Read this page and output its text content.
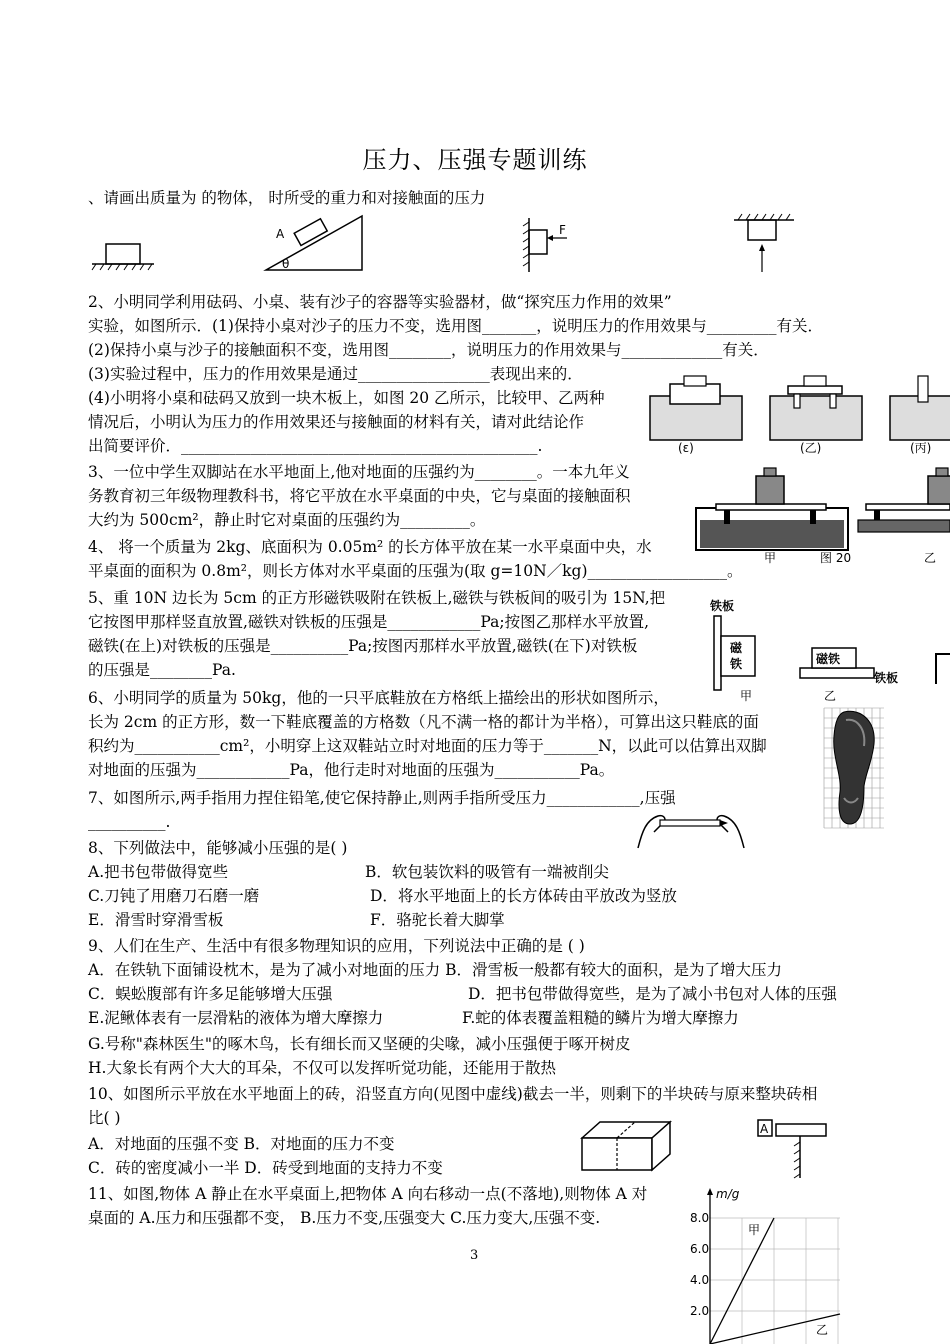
压力、压强专题训练
、请画出质量为 的物体， 时所受的重力和对接触面的压力
2、小明同学利用砝码、小桌、装有沙子的容器等实验器材，做“探究压力作用的效果”
实验，如图所示．(1)保持小桌对沙子的压力不变，选用图_______，说明压力的作用效果与_________有关．
(2)保持小桌与沙子的接触面积不变，选用图________，说明压力的作用效果与_____________有关．
(3)实验过程中，压力的作用效果是通过_________________表现出来的．
(4)小明将小桌和砝码又放到一块木板上，如图 20 乙所示，比较甲、乙两种
情况后，小明认为压力的作用效果还与接触面的材料有关，请对此结论作
出简要评价．______________________________________________.
3、一位中学生双脚站在水平地面上,他对地面的压强约为________。一本九年义
务教育初三年级物理教科书，将它平放在水平桌面的中央，它与桌面的接触面积
大约为 500cm²，静止时它对桌面的压强约为_________。
4、 将一个质量为 2kg、底面积为 0.05m² 的长方体平放在某一水平桌面中央，水
平桌面的面积为 0.8m²，则长方体对水平桌面的压强为(取 g=10N／kg)__________________。
5、重 10N 边长为 5cm 的正方形磁铁吸附在铁板上,磁铁与铁板间的吸引为 15N,把
它按图甲那样竖直放置,磁铁对铁板的压强是____________Pa;按图乙那样水平放置,
磁铁(在上)对铁板的压强是__________Pa;按图丙那样水平放置,磁铁(在下)对铁板
的压强是________Pa.
6、小明同学的质量为 50kg，他的一只平底鞋放在方格纸上描绘出的形状如图所示，
长为 2cm 的正方形，数一下鞋底覆盖的方格数（凡不满一格的都计为半格），可算出这只鞋底的面
积约为___________cm²，小明穿上这双鞋站立时对地面的压力等于_______N，以此可以估算出双脚
对地面的压强为____________Pa，他行走时对地面的压强为___________Pa。
7、如图所示,两手指用力捏住铅笔,使它保持静止,则两手指所受压力____________,压强
__________.
8、下列做法中，能够减小压强的是( )
A.把书包带做得宽些	B．软包装饮料的吸管有一端被削尖
C.刀钝了用磨刀石磨一磨	D．将水平地面上的长方体砖由平放改为竖放
E．滑雪时穿滑雪板	F．骆驼长着大脚掌
9、人们在生产、生活中有很多物理知识的应用，下列说法中正确的是 ( )
A．在铁轨下面铺设枕木，是为了减小对地面的压力 B．滑雪板一般都有较大的面积，是为了增大压力
C．蜈蚣腹部有许多足能够增大压强	D．把书包带做得宽些，是为了减小书包对人体的压强
E.泥鳅体表有一层滑粘的液体为增大摩擦力	F.蛇的体表覆盖粗糙的鳞片为增大摩擦力
G.号称"森林医生"的啄木鸟，长有细长而又坚硬的尖喙，减小压强便于啄开树皮
H.大象长有两个大大的耳朵，不仅可以发挥听觉功能，还能用于散热
10、如图所示平放在水平地面上的砖，沿竖直方向(见图中虚线)截去一半，则剩下的半块砖与原来整块砖相
比( )
A．对地面的压强不变 B．对地面的压力不变
C．砖的密度减小一半 D．砖受到地面的支持力不变
11、如图,物体 A 静止在水平桌面上,把物体 A 向右移动一点(不落地),则物体 A 对
桌面的 A.压力和压强都不变， B.压力不变,压强变大 C.压力变大,压强不变.
A
θ
F
(ε)	(乙)	(丙)
甲	图 20	乙
铁板
磁
铁
甲
磁铁
铁板
乙
A
m/g
8.0
6.0
4.0
2.0
甲
乙
3
